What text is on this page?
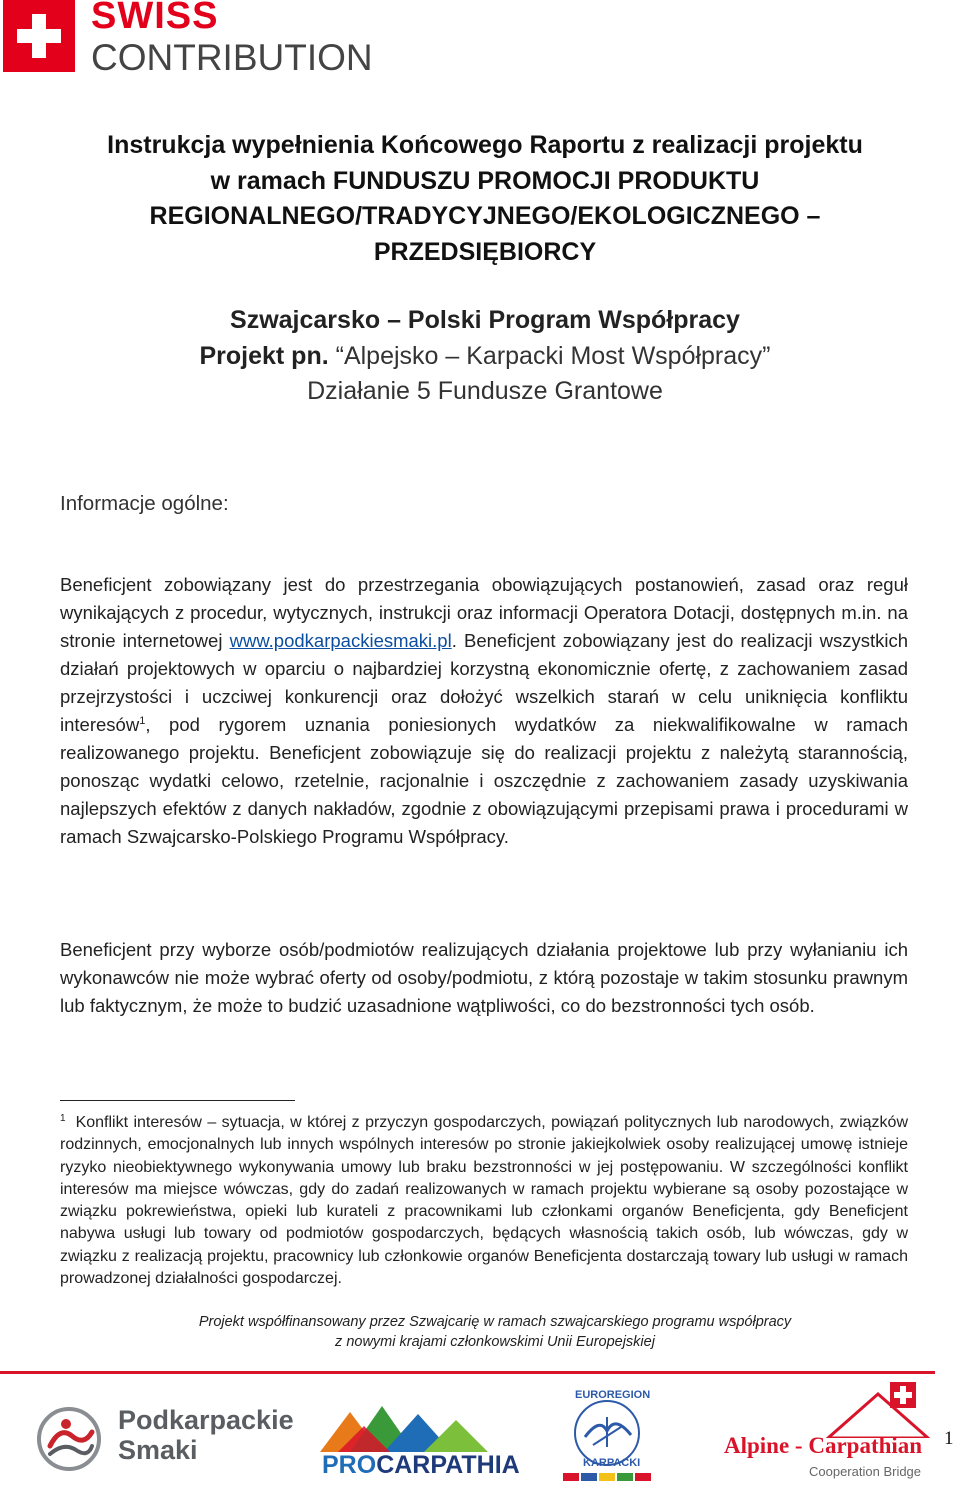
SWISS
CONTRIBUTION

Instrukcja wypełnienia Końcowego Raportu z realizacji projektu

w ramach FUNDUSZU PROMOCJI PRODUKTU

REGIONALNEGO/TRADYCYJNEGO/EKOLOGICZNEGO –

PRZEDSIĘBIORCY

Szwajcarsko – Polski Program Współpracy

Projekt pn. “Alpejsko – Karpacki Most Współpracy”

Działanie 5 Fundusze Grantowe

Informacje ogólne:

Beneficjent zobowiązany jest do przestrzegania obowiązujących postanowień, zasad oraz reguł wynikających z procedur, wytycznych, instrukcji oraz informacji Operatora Dotacji, dostępnych m.in. na stronie internetowej www.podkarpackiesmaki.pl. Beneficjent zobowiązany jest do realizacji wszystkich działań projektowych w oparciu o najbardziej korzystną ekonomicznie ofertę, z zachowaniem zasad przejrzystości i uczciwej konkurencji oraz dołożyć wszelkich starań w celu uniknięcia konfliktu interesów$^1$, pod rygorem uznania poniesionych wydatków za niekwalifikowalne w ramach realizowanego projektu. Beneficjent zobowiązuje się do realizacji projektu z należytą starannością, ponosząc wydatki celowo, rzetelnie, racjonalnie i oszczędnie z zachowaniem zasady uzyskiwania najlepszych efektów z danych nakładów, zgodnie z obowiązującymi przepisami prawa i procedurami w ramach Szwajcarsko-Polskiego Programu Współpracy.

Beneficjent przy wyborze osób/podmiotów realizujących działania projektowe lub przy wyłanianiu ich wykonawców nie może wybrać oferty od osoby/podmiotu, z którą pozostaje w takim stosunku prawnym lub faktycznym, że może to budzić uzasadnione wątpliwości, co do bezstronności tych osób.

$^1$ Konflikt interesów – sytuacja, w której z przyczyn gospodarczych, powiązań politycznych lub narodowych, związków rodzinnych, emocjonalnych lub innych wspólnych interesów po stronie jakiejkolwiek osoby realizującej umowę istnieje ryzyko nieobiektywnego wykonywania umowy lub braku bezstronności w jej postępowaniu. W szczególności konflikt interesów ma miejsce wówczas, gdy do zadań realizowanych w ramach projektu wybierane są osoby pozostające w związku pokrewieństwa, opieki lub kurateli z pracownikami lub członkami organów Beneficjenta, gdy Beneficjent nabywa usługi lub towary od podmiotów gospodarczych, będących własnością takich osób, lub wówczas, gdy w związku z realizacją projektu, pracownicy lub członkowie organów Beneficjenta dostarczają towary lub usługi w ramach prowadzonej działalności gospodarczej.

Projekt współfinansowany przez Szwajcarię w ramach szwajcarskiego programu współpracy
z nowymi krajami członkowskimi Unii Europejskiej
Podkarpackie
Smaki	PROCARPATHIA
EUROREGION
KARPACKI
Alpine - Carpathian
Cooperation Bridge
1
